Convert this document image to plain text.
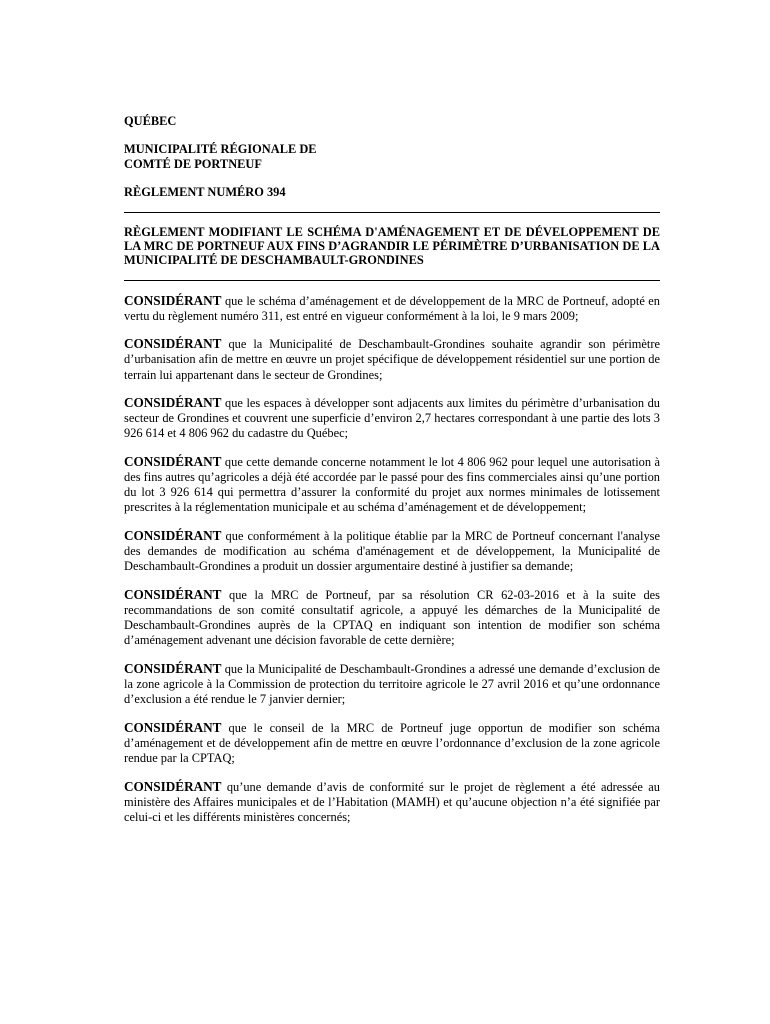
QUÉBEC

MUNICIPALITÉ RÉGIONALE DE

COMTÉ DE PORTNEUF

RÈGLEMENT NUMÉRO 394

RÈGLEMENT MODIFIANT LE SCHÉMA D'AMÉNAGEMENT ET DE DÉVELOPPEMENT DE LA MRC DE PORTNEUF AUX FINS D’AGRANDIR LE PÉRIMÈTRE D’URBANISATION DE LA MUNICIPALITÉ DE DESCHAMBAULT-GRONDINES

CONSIDÉRANT que le schéma d’aménagement et de développement de la MRC de Portneuf, adopté en vertu du règlement numéro 311, est entré en vigueur conformément à la loi, le 9 mars 2009;

CONSIDÉRANT que la Municipalité de Deschambault-Grondines souhaite agrandir son périmètre d’urbanisation afin de mettre en œuvre un projet spécifique de développement résidentiel sur une portion de terrain lui appartenant dans le secteur de Grondines;

CONSIDÉRANT que les espaces à développer sont adjacents aux limites du périmètre d’urbanisation du secteur de Grondines et couvrent une superficie d’environ 2,7 hectares correspondant à une partie des lots 3 926 614 et 4 806 962 du cadastre du Québec;

CONSIDÉRANT que cette demande concerne notamment le lot 4 806 962 pour lequel une autorisation à des fins autres qu’agricoles a déjà été accordée par le passé pour des fins commerciales ainsi qu’une portion du lot 3 926 614 qui permettra d’assurer la conformité du projet aux normes minimales de lotissement prescrites à la réglementation municipale et au schéma d’aménagement et de développement;

CONSIDÉRANT que conformément à la politique établie par la MRC de Portneuf concernant l'analyse des demandes de modification au schéma d'aménagement et de développement, la Municipalité de Deschambault-Grondines a produit un dossier argumentaire destiné à justifier sa demande;

CONSIDÉRANT que la MRC de Portneuf, par sa résolution CR 62-03-2016 et à la suite des recommandations de son comité consultatif agricole, a appuyé les démarches de la Municipalité de Deschambault-Grondines auprès de la CPTAQ en indiquant son intention de modifier son schéma d’aménagement advenant une décision favorable de cette dernière;

CONSIDÉRANT que la Municipalité de Deschambault-Grondines a adressé une demande d’exclusion de la zone agricole à la Commission de protection du territoire agricole le 27 avril 2016 et qu’une ordonnance d’exclusion a été rendue le 7 janvier dernier;

CONSIDÉRANT que le conseil de la MRC de Portneuf juge opportun de modifier son schéma d’aménagement et de développement afin de mettre en œuvre l’ordonnance d’exclusion de la zone agricole rendue par la CPTAQ;

CONSIDÉRANT qu’une demande d’avis de conformité sur le projet de règlement a été adressée au ministère des Affaires municipales et de l’Habitation (MAMH) et qu’aucune objection n’a été signifiée par celui-ci et les différents ministères concernés;
